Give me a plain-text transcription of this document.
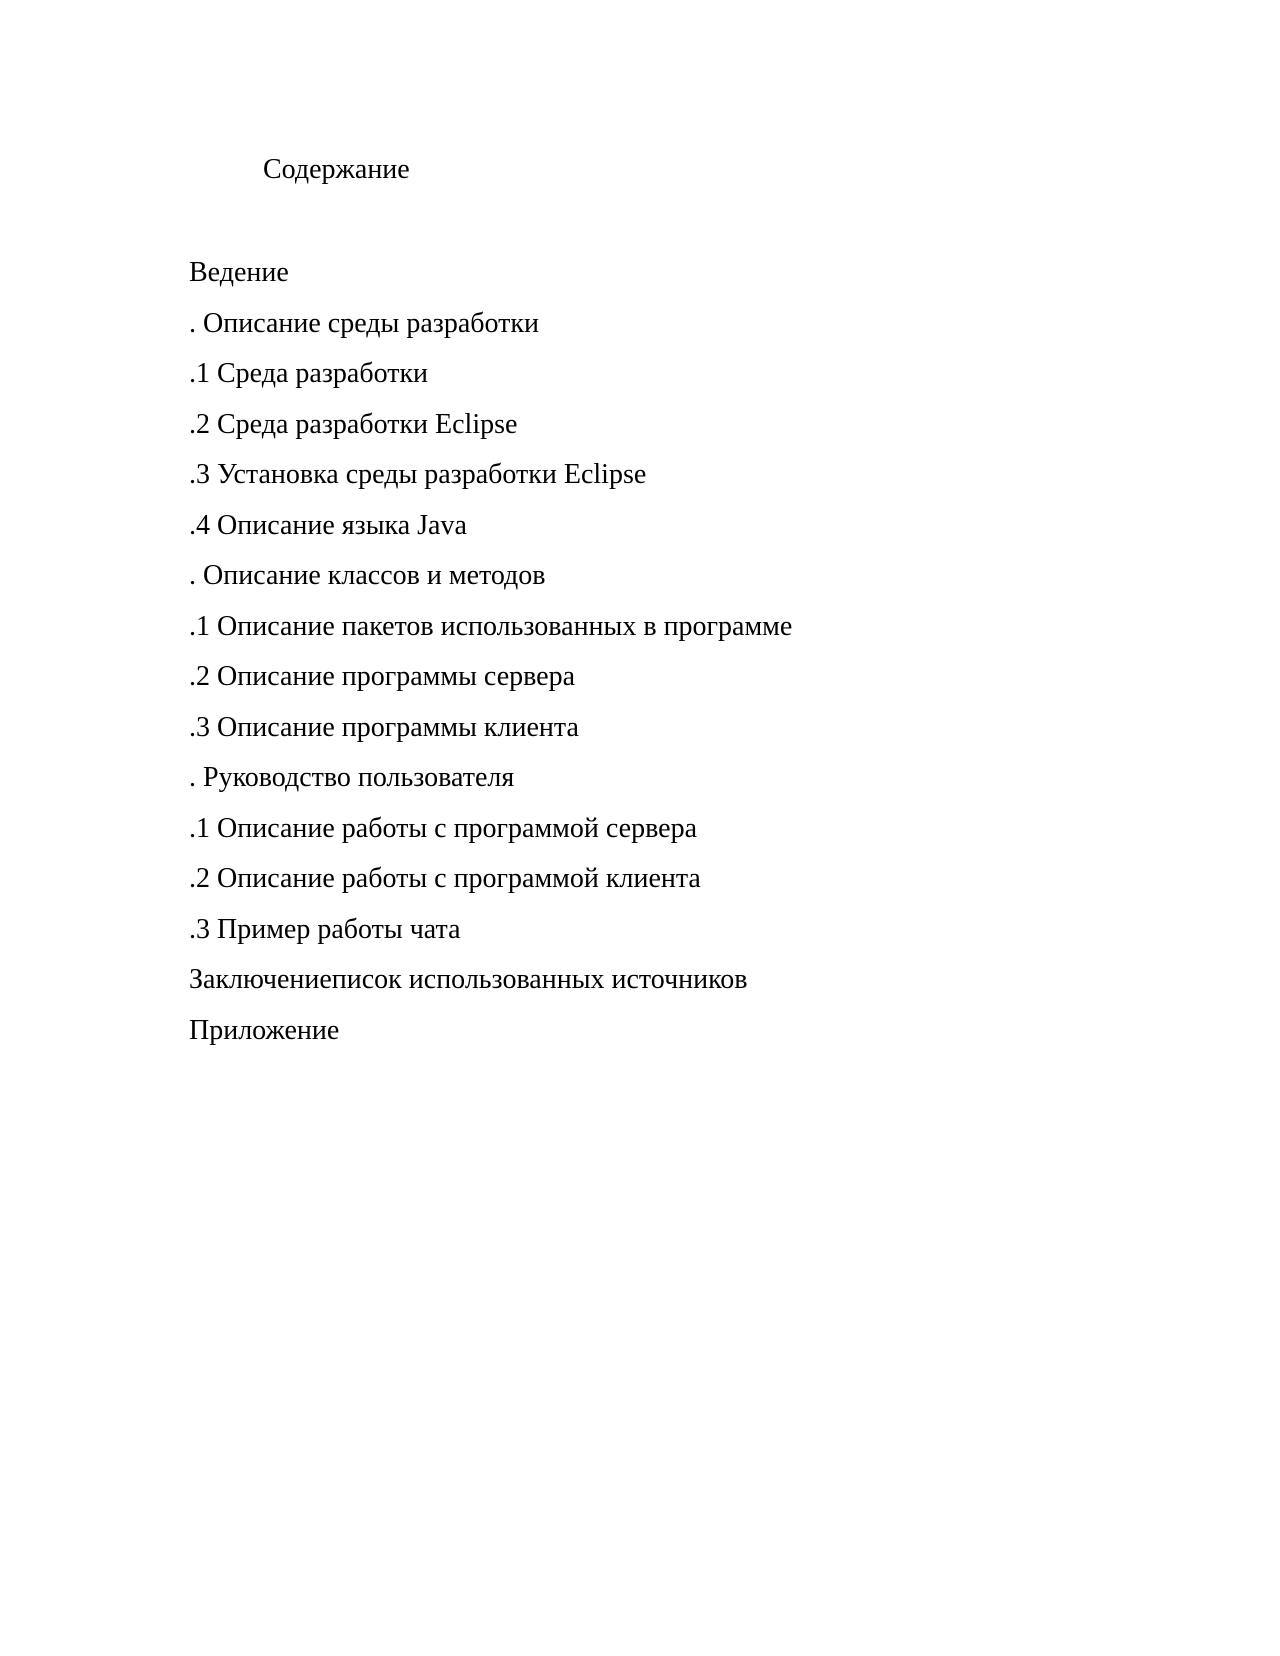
Содержание
Ведение
. Описание среды разработки
.1 Среда разработки
.2 Среда разработки Eclipse
.3 Установка среды разработки Eclipse
.4 Описание языка Java
. Описание классов и методов
.1 Описание пакетов использованных в программе
.2 Описание программы сервера
.3 Описание программы клиента
. Руководство пользователя
.1 Описание работы с программой сервера
.2 Описание работы с программой клиента
.3 Пример работы чата
Заключениеписок использованных источников
Приложение
